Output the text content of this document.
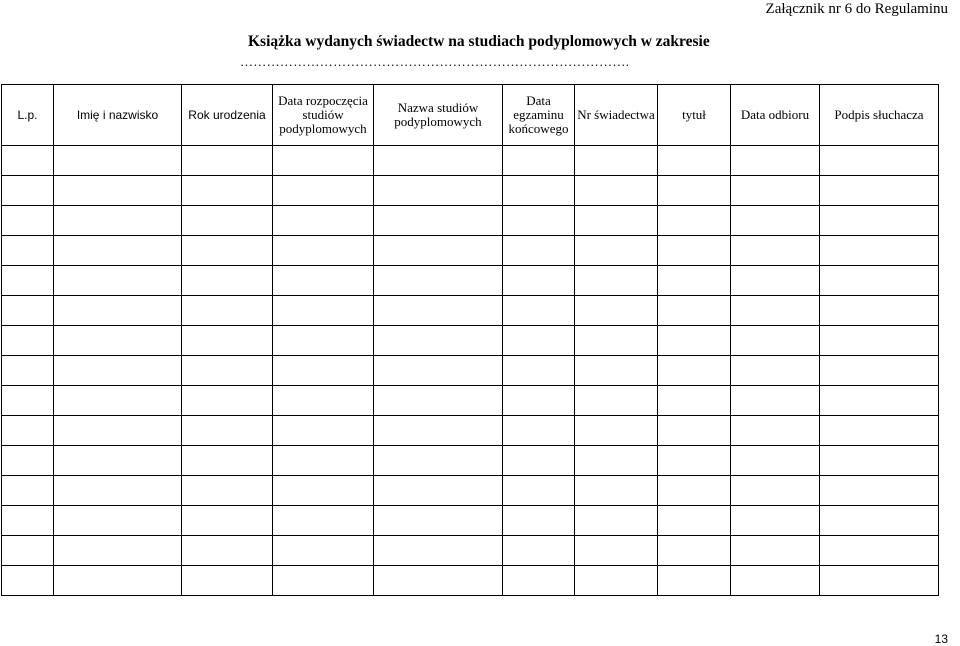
Załącznik nr 6 do Regulaminu
Książka wydanych świadectw na studiach podyplomowych w zakresie
…………………………………………………………………………….
L.p.	Imię i nazwisko	Rok urodzenia	Data rozpoczęcia studiów podyplomowych	Nazwa studiów podyplomowych	Data egzaminu końcowego	Nr świadectwa	tytuł	Data odbioru	Podpis słuchacza

13
